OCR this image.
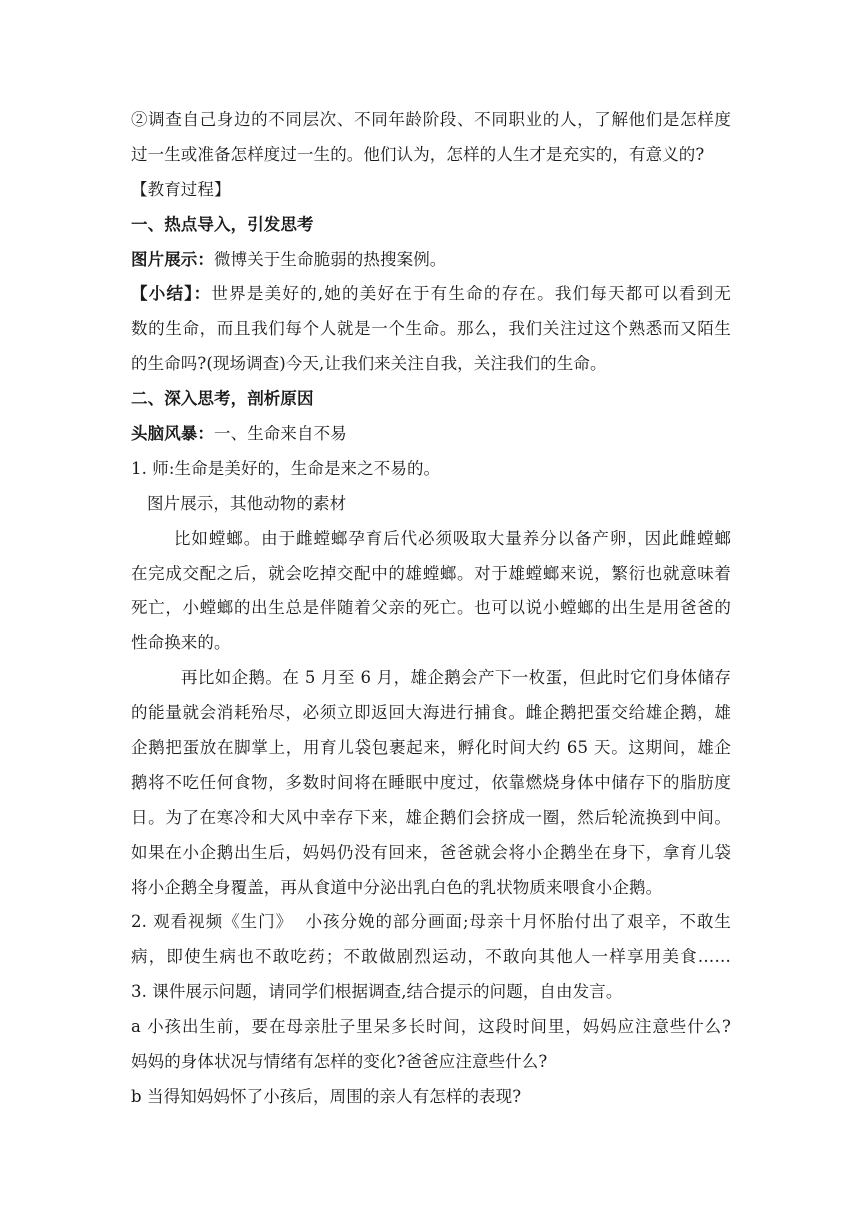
②调查自己身边的不同层次、不同年龄阶段、不同职业的人，了解他们是怎样度
过一生或准备怎样度过一生的。他们认为，怎样的人生才是充实的，有意义的?
【教育过程】
一、热点导入，引发思考
图片展示：微博关于生命脆弱的热搜案例。
【小结】：世界是美好的,她的美好在于有生命的存在。我们每天都可以看到无
数的生命，而且我们每个人就是一个生命。那么，我们关注过这个熟悉而又陌生
的生命吗?(现场调查)今天,让我们来关注自我，关注我们的生命。
二、深入思考，剖析原因
头脑风暴：一、生命来自不易
1. 师:生命是美好的，生命是来之不易的。
图片展示，其他动物的素材
比如螳螂。由于雌螳螂孕育后代必须吸取大量养分以备产卵，因此雌螳螂
在完成交配之后，就会吃掉交配中的雄螳螂。对于雄螳螂来说，繁衍也就意味着
死亡，小螳螂的出生总是伴随着父亲的死亡。也可以说小螳螂的出生是用爸爸的
性命换来的。
再比如企鹅。在 5 月至 6 月，雄企鹅会产下一枚蛋，但此时它们身体储存
的能量就会消耗殆尽，必须立即返回大海进行捕食。雌企鹅把蛋交给雄企鹅，雄
企鹅把蛋放在脚掌上，用育儿袋包裹起来，孵化时间大约 65 天。这期间，雄企
鹅将不吃任何食物，多数时间将在睡眠中度过，依靠燃烧身体中储存下的脂肪度
日。为了在寒冷和大风中幸存下来，雄企鹅们会挤成一圈，然后轮流换到中间。
如果在小企鹅出生后，妈妈仍没有回来，爸爸就会将小企鹅坐在身下，拿育儿袋
将小企鹅全身覆盖，再从食道中分泌出乳白色的乳状物质来喂食小企鹅。
2. 观看视频《生门》  小孩分娩的部分画面;母亲十月怀胎付出了艰辛，不敢生
病，即使生病也不敢吃药；不敢做剧烈运动，不敢向其他人一样享用美食……
3. 课件展示问题，请同学们根据调查,结合提示的问题，自由发言。
a 小孩出生前，要在母亲肚子里呆多长时间，这段时间里，妈妈应注意些什么?
妈妈的身体状况与情绪有怎样的变化?爸爸应注意些什么?
b 当得知妈妈怀了小孩后，周围的亲人有怎样的表现?
